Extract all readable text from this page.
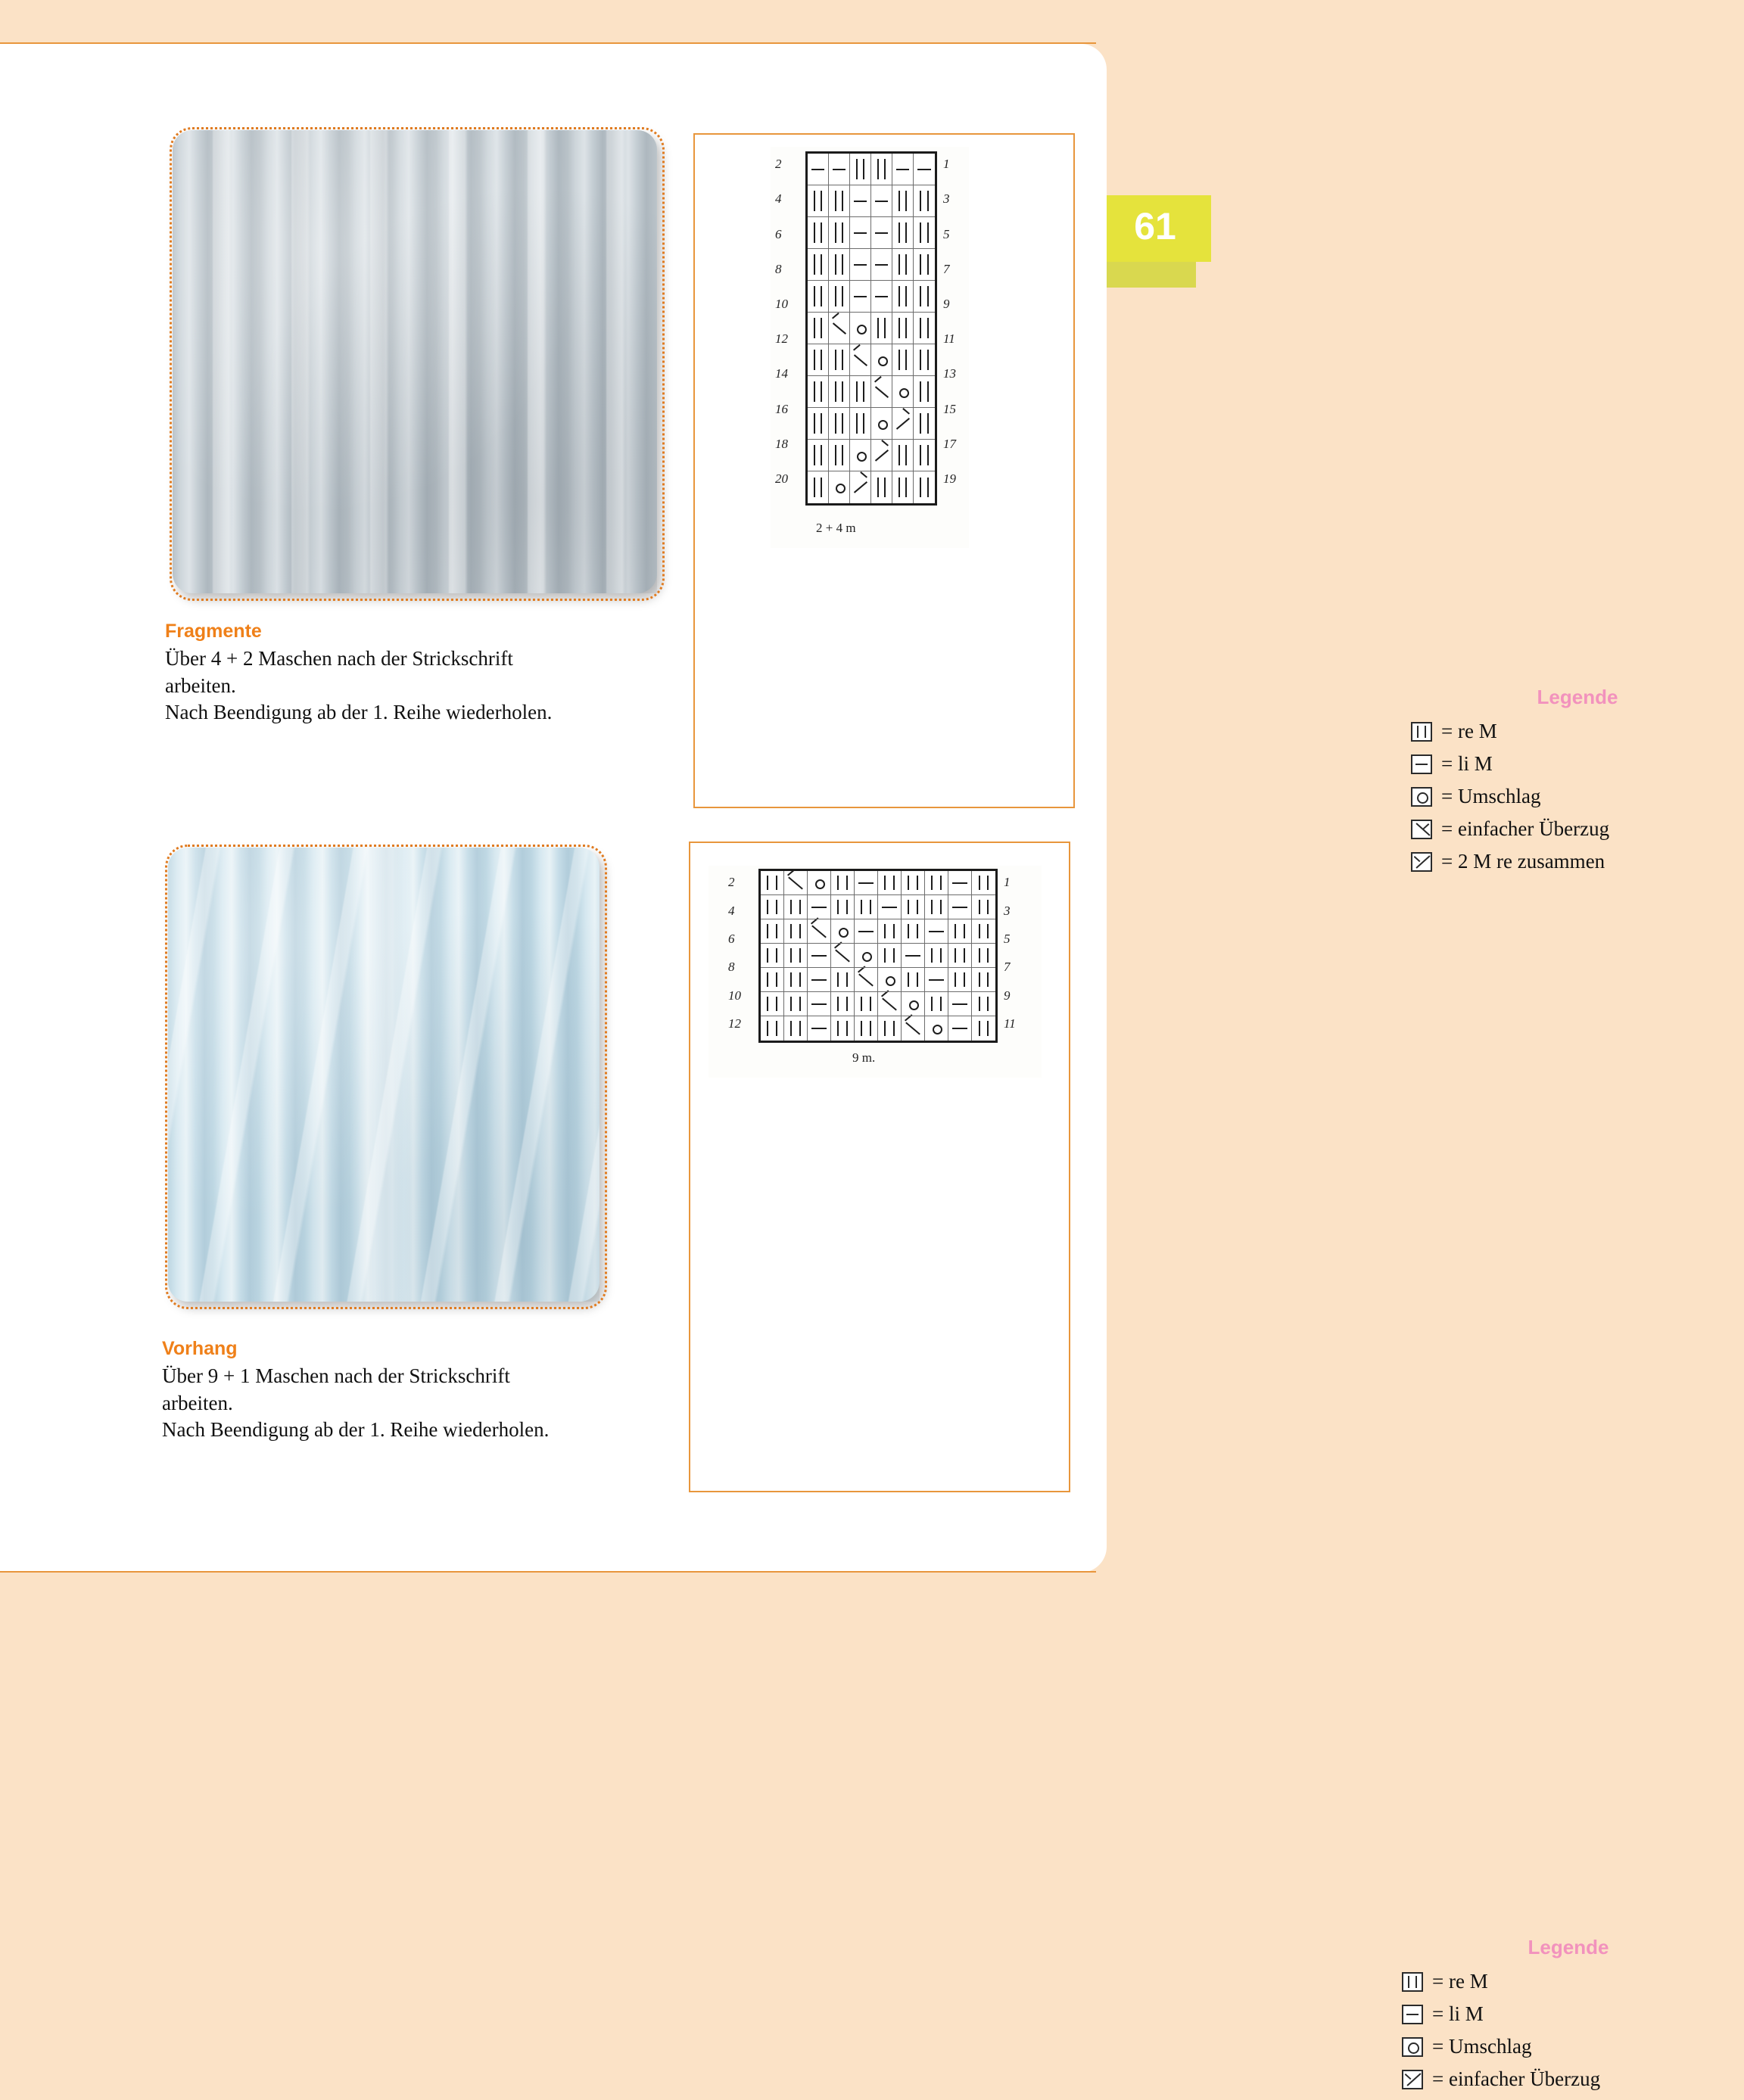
61
Fragmente
Über 4 + 2 Maschen nach der Strickschrift
arbeiten.
Nach Beendigung ab der 1. Reihe wiederholen.
20
18
16
14
12
10
8
6
4
2
19
17
15
13
11
9
7
5
3
1
2 + 4 m
Legende
= re M
= li M
= Umschlag
= einfacher Überzug
= 2 M re zusammen
Vorhang
Über 9 + 1 Maschen nach der Strickschrift
arbeiten.
Nach Beendigung ab der 1. Reihe wiederholen.
12
10
8
6
4
2
11
9
7
5
3
1
9 m.
Legende
= re M
= li M
= Umschlag
= einfacher Überzug
